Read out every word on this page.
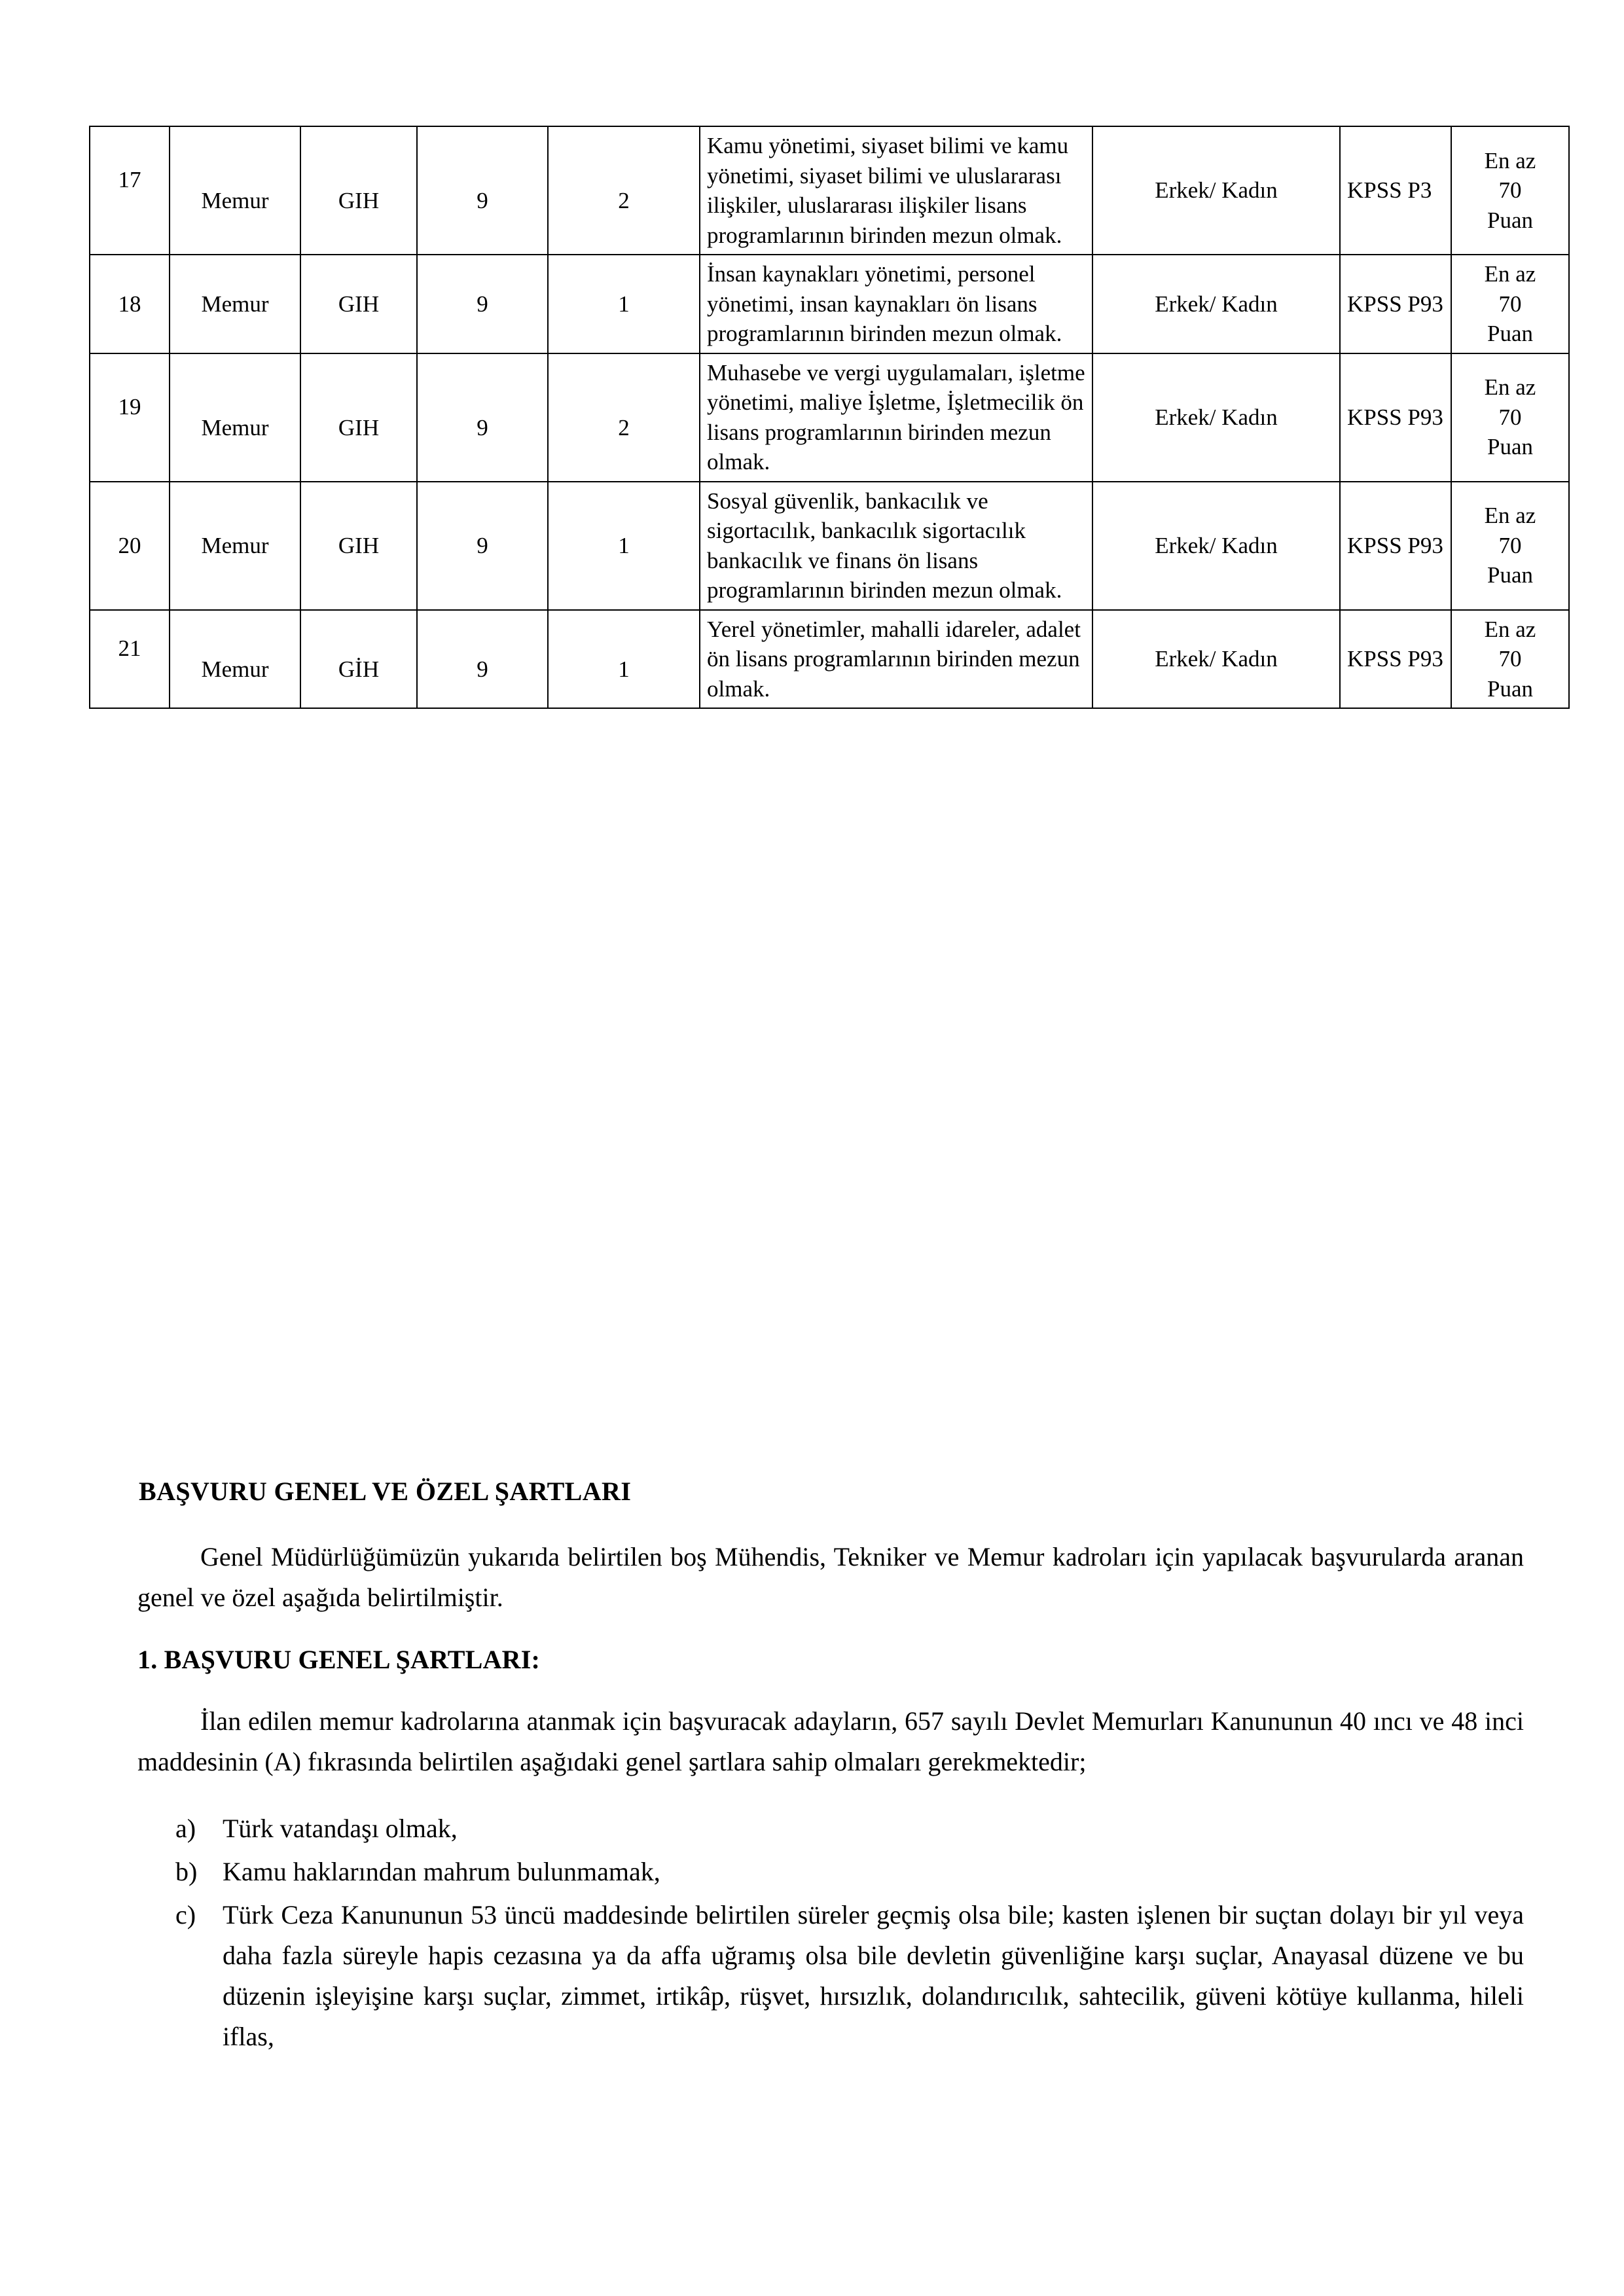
17	Memur	GIH	9	2	Kamu yönetimi, siyaset bilimi ve kamu yönetimi, siyaset bilimi ve uluslararası ilişkiler, uluslararası ilişkiler lisans programlarının birinden mezun olmak.	Erkek/ Kadın	KPSS P3	En az
70
Puan

18	Memur	GIH	9	1	İnsan kaynakları yönetimi, personel yönetimi, insan kaynakları ön lisans programlarının birinden mezun olmak.	Erkek/ Kadın	KPSS P93	En az
70
Puan

19	Memur	GIH	9	2	Muhasebe ve vergi uygulamaları, işletme yönetimi, maliye İşletme, İşletmecilik ön lisans programlarının birinden mezun olmak.	Erkek/ Kadın	KPSS P93	En az
70
Puan

20	Memur	GIH	9	1	Sosyal güvenlik, bankacılık ve sigortacılık, bankacılık sigortacılık bankacılık ve finans ön lisans programlarının birinden mezun olmak.	Erkek/ Kadın	KPSS P93	En az
70
Puan

21	Memur	GİH	9	1	Yerel yönetimler, mahalli idareler, adalet ön lisans programlarının birinden mezun olmak.	Erkek/ Kadın	KPSS P93	En az
70
Puan
BAŞVURU GENEL VE ÖZEL ŞARTLARI

Genel Müdürlüğümüzün yukarıda belirtilen boş Mühendis, Tekniker ve Memur kadroları için yapılacak başvurularda aranan genel ve özel aşağıda belirtilmiştir.

1. BAŞVURU GENEL ŞARTLARI:

İlan edilen memur kadrolarına atanmak için başvuracak adayların, 657 sayılı Devlet Memurları Kanununun 40 ıncı ve 48 inci maddesinin (A) fıkrasında belirtilen aşağıdaki genel şartlara sahip olmaları gerekmektedir;

a)	Türk vatandaşı olmak,
b) Kamu haklarından mahrum bulunmamak,
c)	Türk Ceza Kanununun 53 üncü maddesinde belirtilen süreler geçmiş olsa bile; kasten işlenen bir suçtan dolayı bir yıl veya daha fazla süreyle hapis cezasına ya da affa uğramış olsa bile devletin güvenliğine karşı suçlar, Anayasal düzene ve bu düzenin işleyişine karşı suçlar, zimmet, irtikâp, rüşvet, hırsızlık, dolandırıcılık, sahtecilik, güveni kötüye kullanma, hileli iflas,
